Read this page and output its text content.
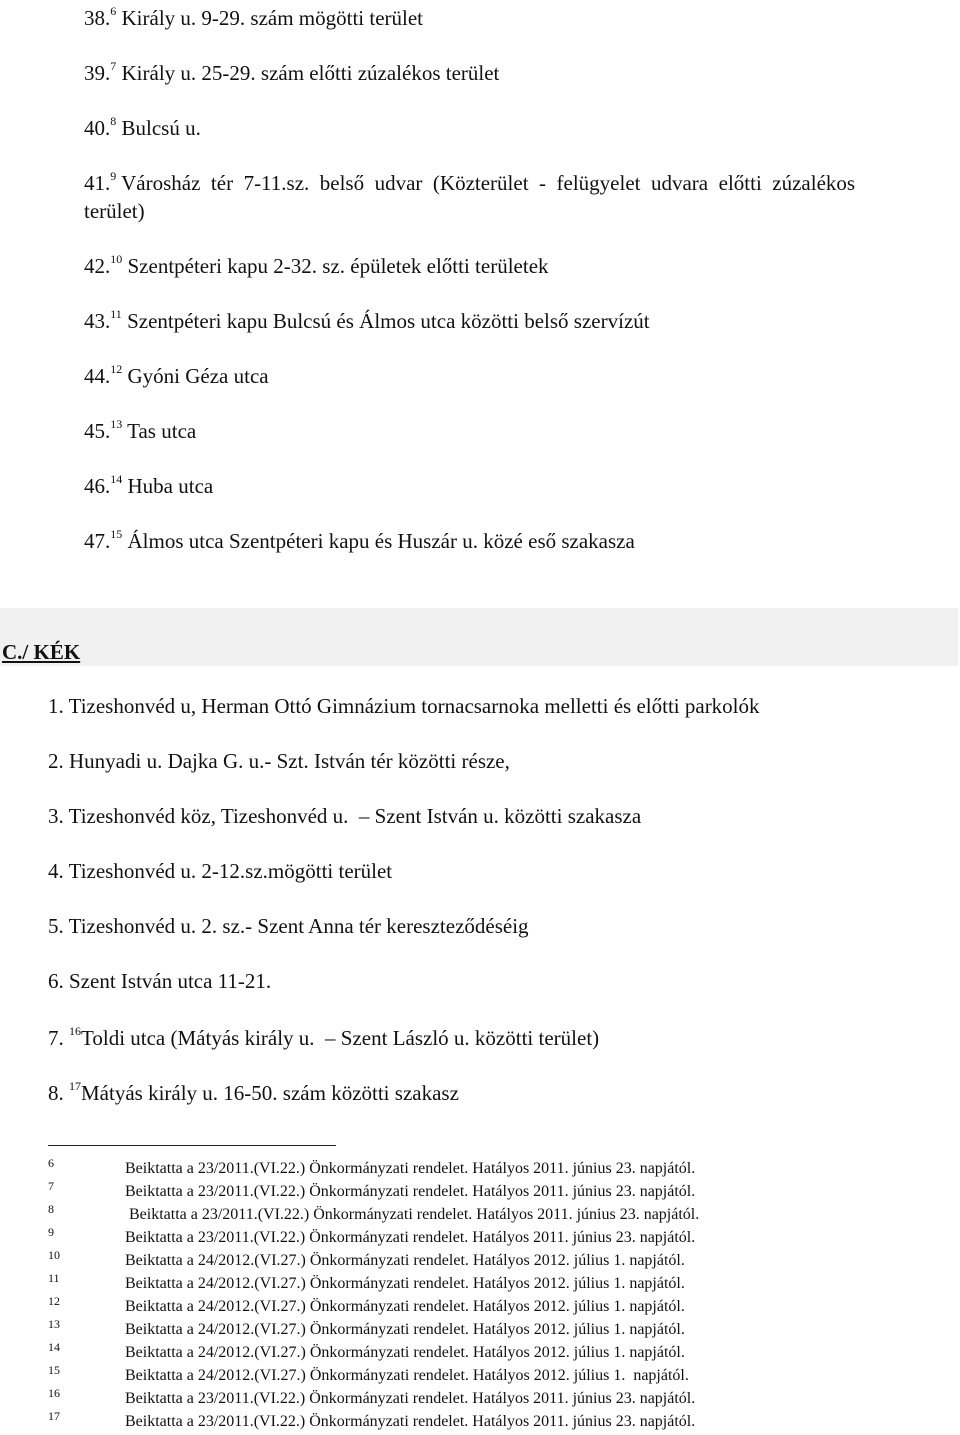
38.$^6$ Király u. 9-29. szám mögötti terület
39.$^7$ Király u. 25-29. szám előtti zúzalékos terület
40.$^8$ Bulcsú u.
41.$^9$ Városház  tér  7-11.sz.  belső  udvar  (Közterület  -  felügyelet  udvara  előtti  zúzalékos
terület)
42.10 Szentpéteri kapu 2-32. sz. épületek előtti területek
43.11 Szentpéteri kapu Bulcsú és Álmos utca közötti belső szervízút
44.12 Gyóni Géza utca
45.13 Tas utca
46.14 Huba utca
47.15 Álmos utca Szentpéteri kapu és Huszár u. közé eső szakasza
C./ KÉK
1. Tizeshonvéd u, Herman Ottó Gimnázium tornacsarnoka melletti és előtti parkolók
2. Hunyadi u. Dajka G. u.- Szt. István tér közötti része,
3. Tizeshonvéd köz, Tizeshonvéd u.  – Szent István u. közötti szakasza
4. Tizeshonvéd u. 2-12.sz.mögötti terület
5. Tizeshonvéd u. 2. sz.- Szent Anna tér kereszteződéséig
6. Szent István utca 11-21.
7. $^{16}$Toldi utca (Mátyás király u.  – Szent László u. közötti terület)
8. $^{17}$Mátyás király u. 16-50. szám közötti szakasz
6	Beiktatta a 23/2011.(VI.22.) Önkormányzati rendelet. Hatályos 2011. június 23. napjától.
7	Beiktatta a 23/2011.(VI.22.) Önkormányzati rendelet. Hatályos 2011. június 23. napjától.
8	Beiktatta a 23/2011.(VI.22.) Önkormányzati rendelet. Hatályos 2011. június 23. napjától.
9	Beiktatta a 23/2011.(VI.22.) Önkormányzati rendelet. Hatályos 2011. június 23. napjától.
10	Beiktatta a 24/2012.(VI.27.) Önkormányzati rendelet. Hatályos 2012. július 1. napjától.
11	Beiktatta a 24/2012.(VI.27.) Önkormányzati rendelet. Hatályos 2012. július 1. napjától.
12	Beiktatta a 24/2012.(VI.27.) Önkormányzati rendelet. Hatályos 2012. július 1. napjától.
13	Beiktatta a 24/2012.(VI.27.) Önkormányzati rendelet. Hatályos 2012. július 1. napjától.
14	Beiktatta a 24/2012.(VI.27.) Önkormányzati rendelet. Hatályos 2012. július 1. napjától.
15	Beiktatta a 24/2012.(VI.27.) Önkormányzati rendelet. Hatályos 2012. július 1.  napjától.
16	Beiktatta a 23/2011.(VI.22.) Önkormányzati rendelet. Hatályos 2011. június 23. napjától.
17	Beiktatta a 23/2011.(VI.22.) Önkormányzati rendelet. Hatályos 2011. június 23. napjától.
